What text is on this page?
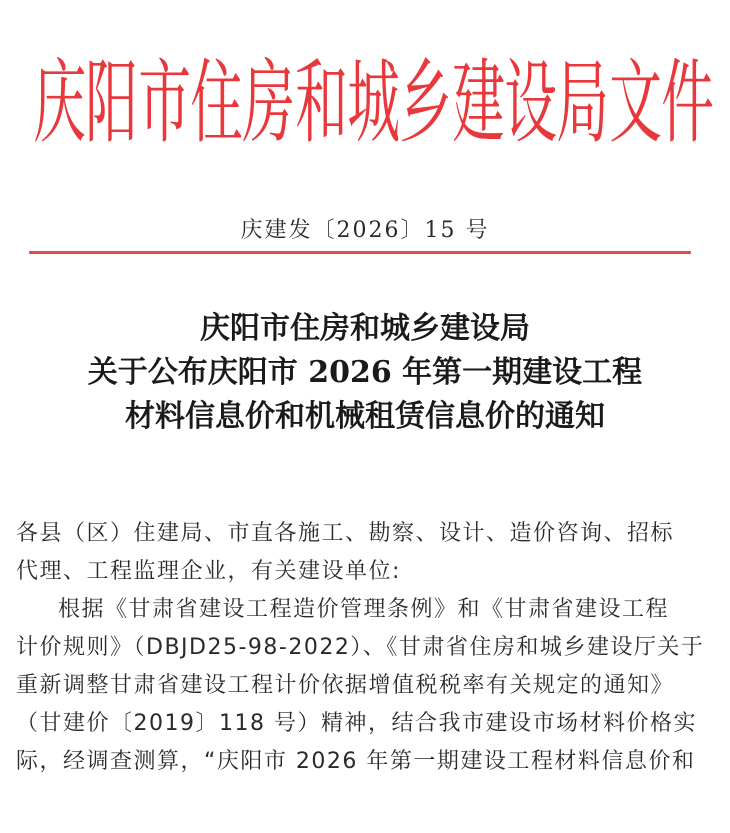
庆 阳 市 住 房 和 城 乡 建 设 局 文 件
庆建发〔2026〕15 号
庆阳市住房和城乡建设局
关于公布庆阳市 2026 年第一期建设工程
材料信息价和机械租赁信息价的通知
各县（区）住建局、市直各施工、勘察、设计、造价咨询、招标
代理、工程监理企业，有关建设单位:
根据《甘肃省建设工程造价管理条例》和《甘肃省建设工程
计价规则》（DBJD25-98-2022）、《甘肃省住房和城乡建设厅关于
重新调整甘肃省建设工程计价依据增值税税率有关规定的通知》
（甘建价〔2019〕118 号）精神，结合我市建设市场材料价格实
际，经调查测算，“庆阳市 2026 年第一期建设工程材料信息价和
